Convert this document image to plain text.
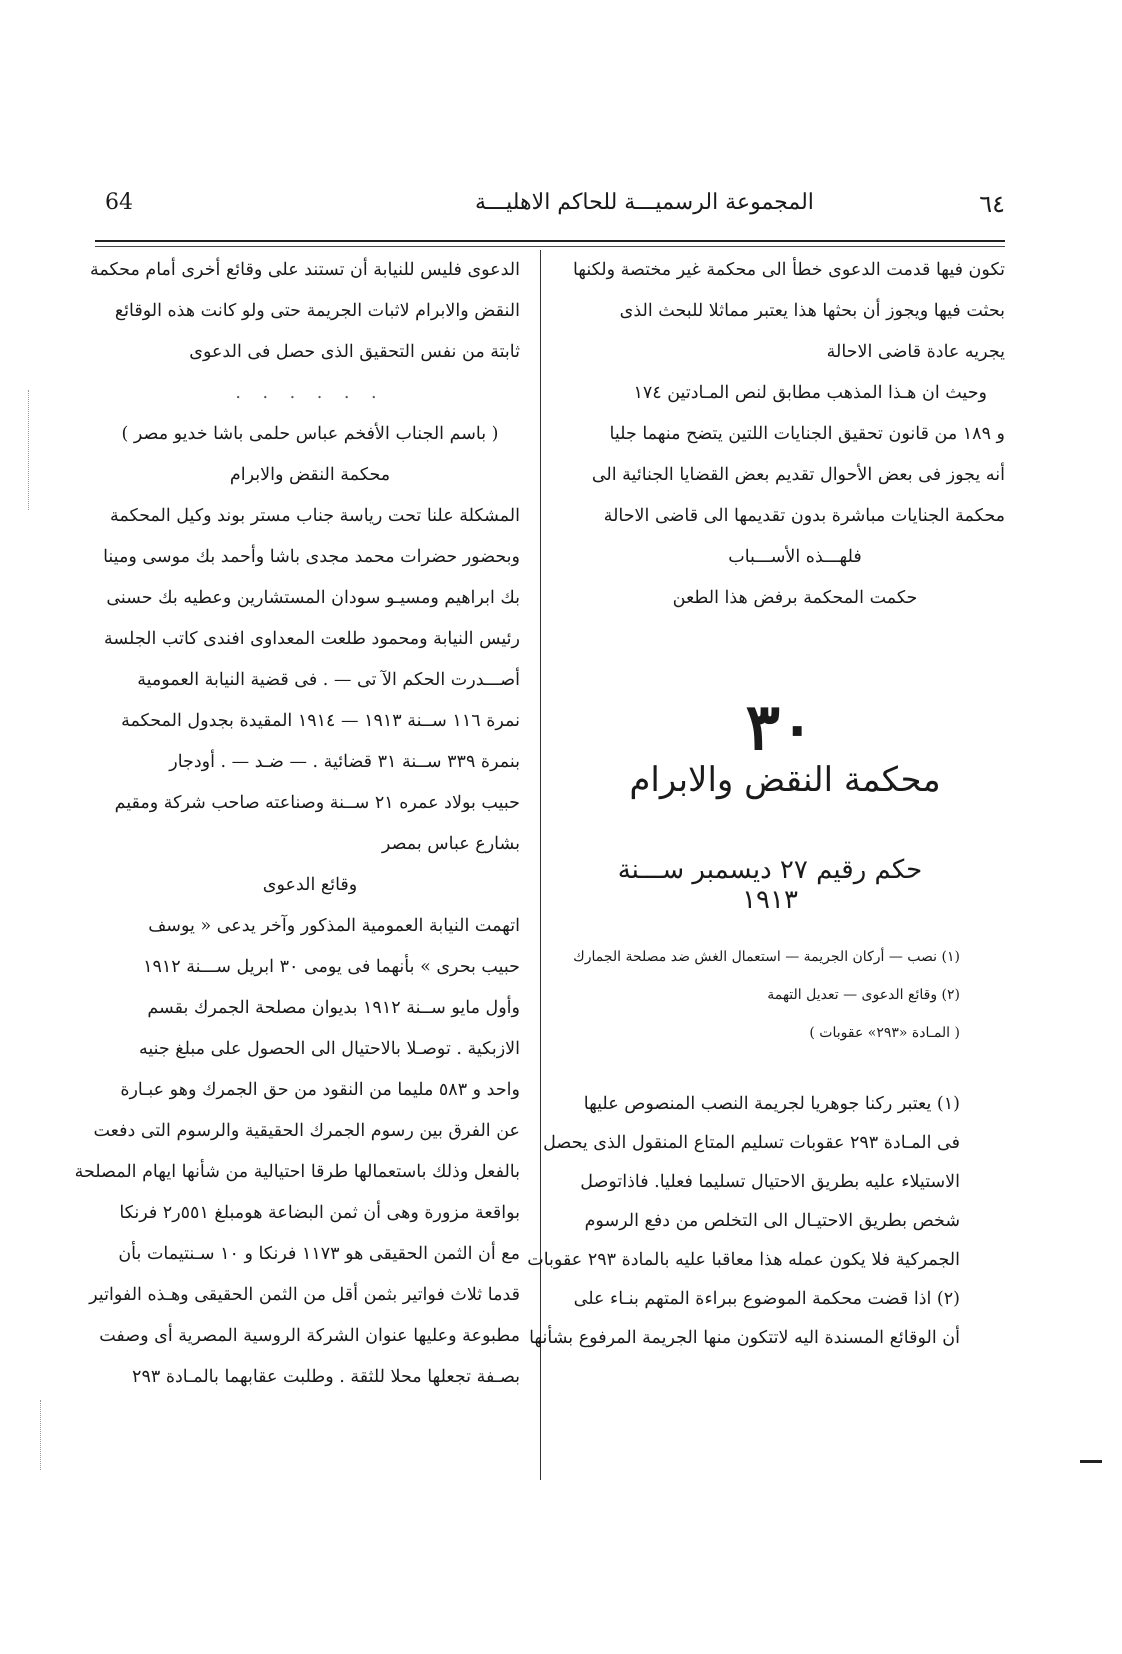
٦٤
المجموعة الرسميـــة للحاكم الاهليـــة
64
تكون فيها قدمت الدعوى خطأ الى محكمة غير مختصة ولكنها
بحثت فيها ويجوز أن بحثها هذا يعتبر مماثلا للبحث الذى
يجريه عادة قاضى الاحالة
وحيث ان هـذا المذهب مطابق لنص المـادتين ١٧٤
و ١٨٩ من قانون تحقيق الجنايات اللتين يتضح منهما جليا
أنه يجوز فى بعض الأحوال تقديم بعض القضايا الجنائية الى
محكمة الجنايات مباشرة بدون تقديمها الى قاضى الاحالة
فلهـــذه الأســـباب
حكمت المحكمة برفض هذا الطعن
٣٠
محكمة النقض والابرام
حكم رقيم ٢٧ ديسمبر ســـنة ١٩١٣
(١) نصب — أركان الجريمة — استعمال الغش ضد مصلحة الجمارك
(٢) وقائع الدعوى — تعديل التهمة
( المـادة «٢٩٣» عقوبات )
(١) يعتبر ركنا جوهريا لجريمة النصب المنصوص عليها
فى المـادة ٢٩٣ عقوبات تسليم المتاع المنقول الذى يحصل
الاستيلاء عليه بطريق الاحتيال تسليما فعليا. فاذاتوصل
شخص بطريق الاحتيـال الى التخلص من دفع الرسوم
الجمركية فلا يكون عمله هذا معاقبا عليه بالمادة ٢٩٣ عقوبات
(٢) اذا قضت محكمة الموضوع ببراءة المتهم بنـاء على
أن الوقائع المسندة اليه لاتتكون منها الجريمة المرفوع بشأنها
الدعوى فليس للنيابة أن تستند على وقائع أخرى أمام محكمة
النقض والابرام لاثبات الجريمة حتى ولو كانت هذه الوقائع
ثابتة من نفس التحقيق الذى حصل فى الدعوى
. . . . . .
( باسم الجناب الأفخم عباس حلمى باشا خديو مصر )
محكمة النقض والابرام
المشكلة علنا تحت رياسة جناب مستر بوند وكيل المحكمة
وبحضور حضرات محمد مجدى باشا وأحمد بك موسى ومينا
بك ابراهيم ومسيـو سودان المستشارين وعطيه بك حسنى
رئيس النيابة ومحمود طلعت المعداوى افندى كاتب الجلسة
أصـــدرت الحكم الآ تى — . فى قضية النيابة العمومية
نمرة ١١٦ ســنة ١٩١٣ — ١٩١٤ المقيدة بجدول المحكمة
بنمرة ٣٣٩ ســنة ٣١ قضائية . — ضـد — . أودجار
حبيب بولاد عمره ٢١ ســنة وصناعته صاحب شركة ومقيم
بشارع عباس بمصر
وقائع الدعوى
اتهمت النيابة العمومية المذكور وآخر يدعى « يوسف
حبيب بحرى » بأنهما فى يومى ٣٠ ابريل ســـنة ١٩١٢
وأول مايو ســنة ١٩١٢ بديوان مصلحة الجمرك بقسم
الازبكية . توصـلا بالاحتيال الى الحصول على مبلغ جنيه
واحد و ٥٨٣ مليما من النقود من حق الجمرك وهو عبـارة
عن الفرق بين رسوم الجمرك الحقيقية والرسوم التى دفعت
بالفعل وذلك باستعمالها طرقا احتيالية من شأنها ايهام المصلحة
بواقعة مزورة وهى أن ثمن البضاعة هومبلغ ٥٥١ر٢ فرنكا
مع أن الثمن الحقيقى هو ١١٧٣ فرنكا و ١٠ سـنتيمات بأن
قدما ثلاث فواتير بثمن أقل من الثمن الحقيقى وهـذه الفواتير
مطبوعة وعليها عنوان الشركة الروسية المصرية أى وصفت
بصـفة تجعلها محلا للثقة . وطلبت عقابهما بالمـادة ٢٩٣
